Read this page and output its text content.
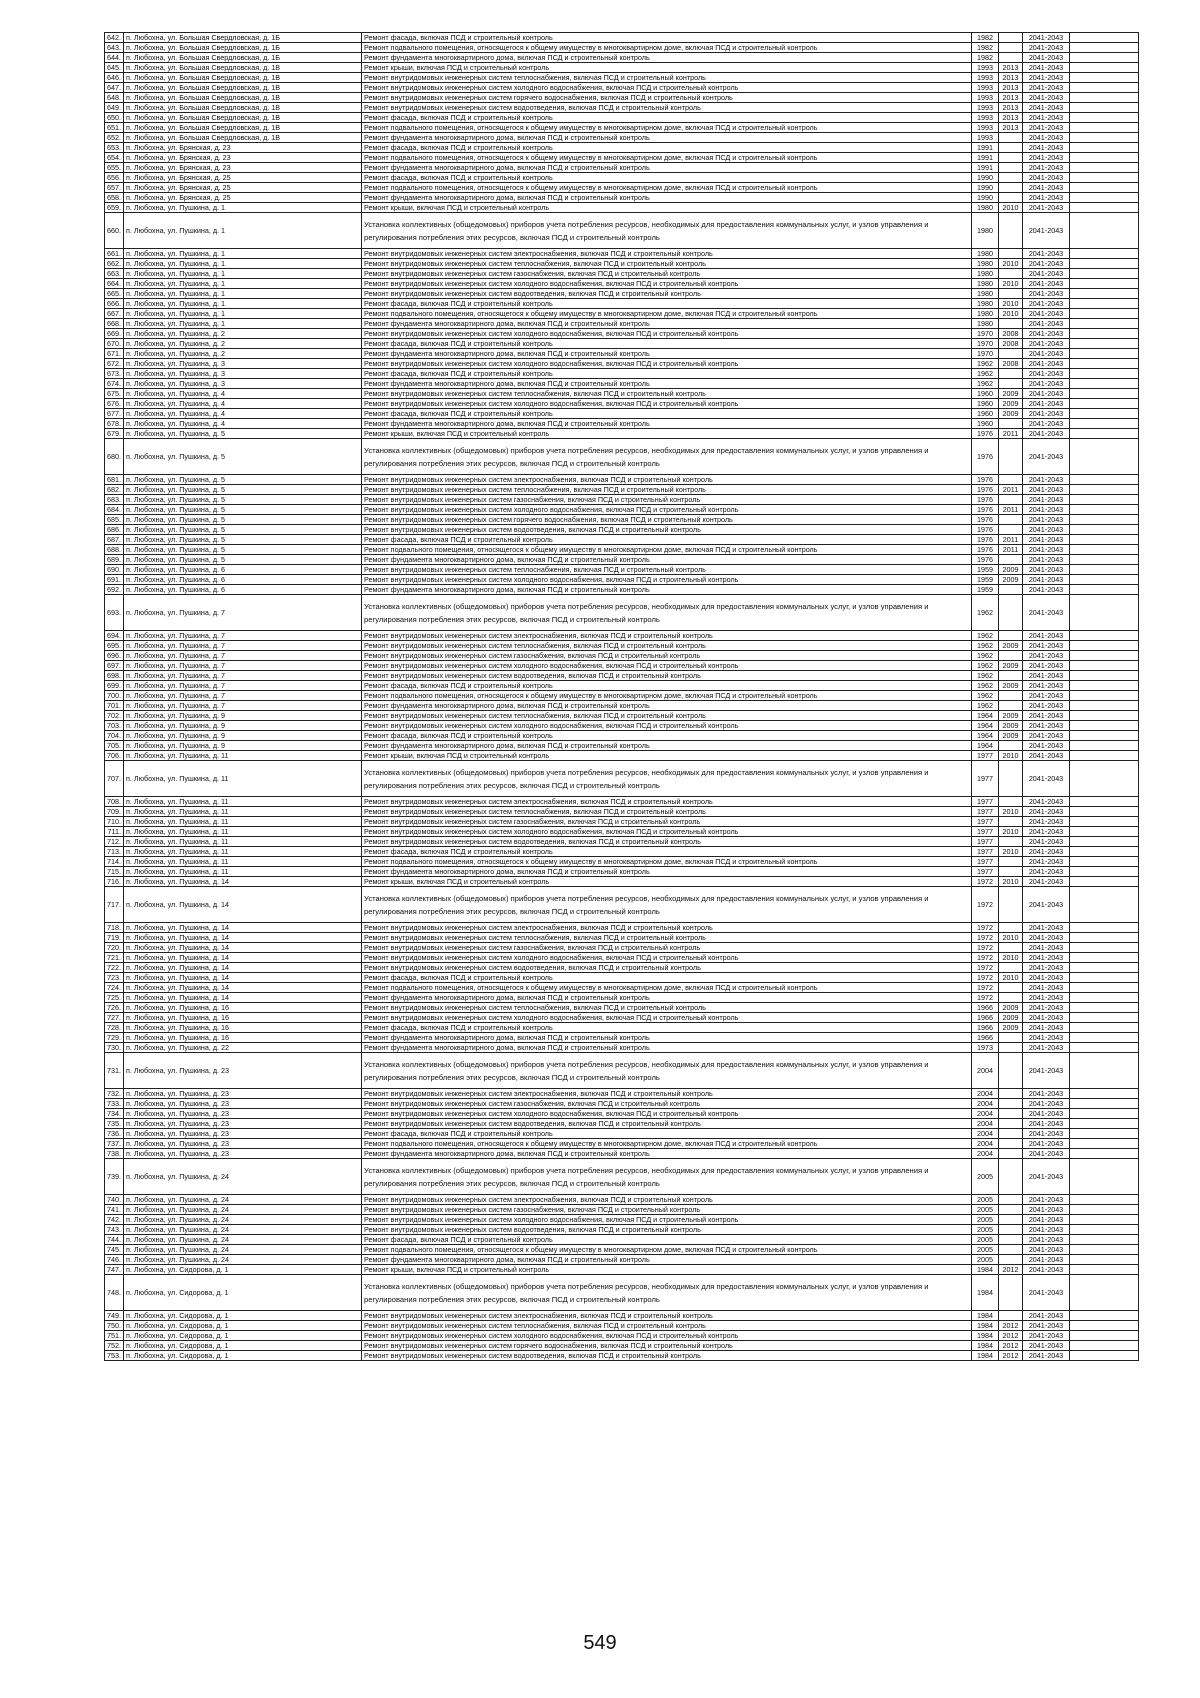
642.	п. Любохна, ул. Большая Свердловская, д. 1Б	Ремонт фасада, включая ПСД и строительный контроль	1982		2041-2043	
643.	п. Любохна, ул. Большая Свердловская, д. 1Б	Ремонт подвального помещения, относящегося к общему имуществу в многоквартирном доме, включая ПСД и строительный контроль	1982		2041-2043	
644.	п. Любохна, ул. Большая Свердловская, д. 1Б	Ремонт фундамента многоквартирного дома, включая ПСД и строительный контроль	1982		2041-2043	
645.	п. Любохна, ул. Большая Свердловская, д. 1В	Ремонт крыши, включая ПСД и строительный контроль	1993	2013	2041-2043	
646.	п. Любохна, ул. Большая Свердловская, д. 1В	Ремонт внутридомовых инженерных систем теплоснабжения, включая ПСД и строительный контроль	1993	2013	2041-2043	
647.	п. Любохна, ул. Большая Свердловская, д. 1В	Ремонт внутридомовых инженерных систем холодного водоснабжения, включая ПСД и строительный контроль	1993	2013	2041-2043	
648.	п. Любохна, ул. Большая Свердловская, д. 1В	Ремонт внутридомовых инженерных систем горячего водоснабжения, включая ПСД и строительный контроль	1993	2013	2041-2043	
649.	п. Любохна, ул. Большая Свердловская, д. 1В	Ремонт внутридомовых инженерных систем водоотведения, включая ПСД и строительный контроль	1993	2013	2041-2043	
650.	п. Любохна, ул. Большая Свердловская, д. 1В	Ремонт фасада, включая ПСД и строительный контроль	1993	2013	2041-2043	
651.	п. Любохна, ул. Большая Свердловская, д. 1В	Ремонт подвального помещения, относящегося к общему имуществу в многоквартирном доме, включая ПСД и строительный контроль	1993	2013	2041-2043	
652.	п. Любохна, ул. Большая Свердловская, д. 1В	Ремонт фундамента многоквартирного дома, включая ПСД и строительный контроль	1993		2041-2043	
653.	п. Любохна, ул. Брянская, д. 23	Ремонт фасада, включая ПСД и строительный контроль	1991		2041-2043	
654.	п. Любохна, ул. Брянская, д. 23	Ремонт подвального помещения, относящегося к общему имуществу в многоквартирном доме, включая ПСД и строительный контроль	1991		2041-2043	
655.	п. Любохна, ул. Брянская, д. 23	Ремонт фундамента многоквартирного дома, включая ПСД и строительный контроль	1991		2041-2043	
656.	п. Любохна, ул. Брянская, д. 25	Ремонт фасада, включая ПСД и строительный контроль	1990		2041-2043	
657.	п. Любохна, ул. Брянская, д. 25	Ремонт подвального помещения, относящегося к общему имуществу в многоквартирном доме, включая ПСД и строительный контроль	1990		2041-2043	
658.	п. Любохна, ул. Брянская, д. 25	Ремонт фундамента многоквартирного дома, включая ПСД и строительный контроль	1990		2041-2043	
659.	п. Любохна, ул. Пушкина, д. 1	Ремонт крыши, включая ПСД и строительный контроль	1980	2010	2041-2043	
660.	п. Любохна, ул. Пушкина, д. 1	Установка коллективных (общедомовых) приборов учета потребления ресурсов, необходимых для предоставления коммунальных услуг, и узлов управления и регулирования потребления этих ресурсов, включая ПСД и строительный контроль	1980		2041-2043	
661.	п. Любохна, ул. Пушкина, д. 1	Ремонт внутридомовых инженерных систем электроснабжения, включая ПСД и строительный контроль	1980		2041-2043	
662.	п. Любохна, ул. Пушкина, д. 1	Ремонт внутридомовых инженерных систем теплоснабжения, включая ПСД и строительный контроль	1980	2010	2041-2043	
663.	п. Любохна, ул. Пушкина, д. 1	Ремонт внутридомовых инженерных систем газоснабжения, включая ПСД и строительный контроль	1980		2041-2043	
664.	п. Любохна, ул. Пушкина, д. 1	Ремонт внутридомовых инженерных систем холодного водоснабжения, включая ПСД и строительный контроль	1980	2010	2041-2043	
665.	п. Любохна, ул. Пушкина, д. 1	Ремонт внутридомовых инженерных систем водоотведения, включая ПСД и строительный контроль	1980		2041-2043	
666.	п. Любохна, ул. Пушкина, д. 1	Ремонт фасада, включая ПСД и строительный контроль	1980	2010	2041-2043	
667.	п. Любохна, ул. Пушкина, д. 1	Ремонт подвального помещения, относящегося к общему имуществу в многоквартирном доме, включая ПСД и строительный контроль	1980	2010	2041-2043	
668.	п. Любохна, ул. Пушкина, д. 1	Ремонт фундамента многоквартирного дома, включая ПСД и строительный контроль	1980		2041-2043	
669.	п. Любохна, ул. Пушкина, д. 2	Ремонт внутридомовых инженерных систем холодного водоснабжения, включая ПСД и строительный контроль	1970	2008	2041-2043	
670.	п. Любохна, ул. Пушкина, д. 2	Ремонт фасада, включая ПСД и строительный контроль	1970	2008	2041-2043	
671.	п. Любохна, ул. Пушкина, д. 2	Ремонт фундамента многоквартирного дома, включая ПСД и строительный контроль	1970		2041-2043	
672.	п. Любохна, ул. Пушкина, д. 3	Ремонт внутридомовых инженерных систем холодного водоснабжения, включая ПСД и строительный контроль	1962	2008	2041-2043	
673.	п. Любохна, ул. Пушкина, д. 3	Ремонт фасада, включая ПСД и строительный контроль	1962		2041-2043	
674.	п. Любохна, ул. Пушкина, д. 3	Ремонт фундамента многоквартирного дома, включая ПСД и строительный контроль	1962		2041-2043	
675.	п. Любохна, ул. Пушкина, д. 4	Ремонт внутридомовых инженерных систем теплоснабжения, включая ПСД и строительный контроль	1960	2009	2041-2043	
676.	п. Любохна, ул. Пушкина, д. 4	Ремонт внутридомовых инженерных систем холодного водоснабжения, включая ПСД и строительный контроль	1960	2009	2041-2043	
677.	п. Любохна, ул. Пушкина, д. 4	Ремонт фасада, включая ПСД и строительный контроль	1960	2009	2041-2043	
678.	п. Любохна, ул. Пушкина, д. 4	Ремонт фундамента многоквартирного дома, включая ПСД и строительный контроль	1960		2041-2043	
679.	п. Любохна, ул. Пушкина, д. 5	Ремонт крыши, включая ПСД и строительный контроль	1976	2011	2041-2043	
680.	п. Любохна, ул. Пушкина, д. 5	Установка коллективных (общедомовых) приборов учета потребления ресурсов, необходимых для предоставления коммунальных услуг, и узлов управления и регулирования потребления этих ресурсов, включая ПСД и строительный контроль	1976		2041-2043	
681.	п. Любохна, ул. Пушкина, д. 5	Ремонт внутридомовых инженерных систем электроснабжения, включая ПСД и строительный контроль	1976		2041-2043	
682.	п. Любохна, ул. Пушкина, д. 5	Ремонт внутридомовых инженерных систем теплоснабжения, включая ПСД и строительный контроль	1976	2011	2041-2043	
683.	п. Любохна, ул. Пушкина, д. 5	Ремонт внутридомовых инженерных систем газоснабжения, включая ПСД и строительный контроль	1976		2041-2043	
684.	п. Любохна, ул. Пушкина, д. 5	Ремонт внутридомовых инженерных систем холодного водоснабжения, включая ПСД и строительный контроль	1976	2011	2041-2043	
685.	п. Любохна, ул. Пушкина, д. 5	Ремонт внутридомовых инженерных систем горячего водоснабжения, включая ПСД и строительный контроль	1976		2041-2043	
686.	п. Любохна, ул. Пушкина, д. 5	Ремонт внутридомовых инженерных систем водоотведения, включая ПСД и строительный контроль	1976		2041-2043	
687.	п. Любохна, ул. Пушкина, д. 5	Ремонт фасада, включая ПСД и строительный контроль	1976	2011	2041-2043	
688.	п. Любохна, ул. Пушкина, д. 5	Ремонт подвального помещения, относящегося к общему имуществу в многоквартирном доме, включая ПСД и строительный контроль	1976	2011	2041-2043	
689.	п. Любохна, ул. Пушкина, д. 5	Ремонт фундамента многоквартирного дома, включая ПСД и строительный контроль	1976		2041-2043	
690.	п. Любохна, ул. Пушкина, д. 6	Ремонт внутридомовых инженерных систем теплоснабжения, включая ПСД и строительный контроль	1959	2009	2041-2043	
691.	п. Любохна, ул. Пушкина, д. 6	Ремонт внутридомовых инженерных систем холодного водоснабжения, включая ПСД и строительный контроль	1959	2009	2041-2043	
692.	п. Любохна, ул. Пушкина, д. 6	Ремонт фундамента многоквартирного дома, включая ПСД и строительный контроль	1959		2041-2043	
693.	п. Любохна, ул. Пушкина, д. 7	Установка коллективных (общедомовых) приборов учета потребления ресурсов, необходимых для предоставления коммунальных услуг, и узлов управления и регулирования потребления этих ресурсов, включая ПСД и строительный контроль	1962		2041-2043	
694.	п. Любохна, ул. Пушкина, д. 7	Ремонт внутридомовых инженерных систем электроснабжения, включая ПСД и строительный контроль	1962		2041-2043	
695.	п. Любохна, ул. Пушкина, д. 7	Ремонт внутридомовых инженерных систем теплоснабжения, включая ПСД и строительный контроль	1962	2009	2041-2043	
696.	п. Любохна, ул. Пушкина, д. 7	Ремонт внутридомовых инженерных систем газоснабжения, включая ПСД и строительный контроль	1962		2041-2043	
697.	п. Любохна, ул. Пушкина, д. 7	Ремонт внутридомовых инженерных систем холодного водоснабжения, включая ПСД и строительный контроль	1962	2009	2041-2043	
698.	п. Любохна, ул. Пушкина, д. 7	Ремонт внутридомовых инженерных систем водоотведения, включая ПСД и строительный контроль	1962		2041-2043	
699.	п. Любохна, ул. Пушкина, д. 7	Ремонт фасада, включая ПСД и строительный контроль	1962	2009	2041-2043	
700.	п. Любохна, ул. Пушкина, д. 7	Ремонт подвального помещения, относящегося к общему имуществу в многоквартирном доме, включая ПСД и строительный контроль	1962		2041-2043	
701.	п. Любохна, ул. Пушкина, д. 7	Ремонт фундамента многоквартирного дома, включая ПСД и строительный контроль	1962		2041-2043	
702.	п. Любохна, ул. Пушкина, д. 9	Ремонт внутридомовых инженерных систем теплоснабжения, включая ПСД и строительный контроль	1964	2009	2041-2043	
703.	п. Любохна, ул. Пушкина, д. 9	Ремонт внутридомовых инженерных систем холодного водоснабжения, включая ПСД и строительный контроль	1964	2009	2041-2043	
704.	п. Любохна, ул. Пушкина, д. 9	Ремонт фасада, включая ПСД и строительный контроль	1964	2009	2041-2043	
705.	п. Любохна, ул. Пушкина, д. 9	Ремонт фундамента многоквартирного дома, включая ПСД и строительный контроль	1964		2041-2043	
706.	п. Любохна, ул. Пушкина, д. 11	Ремонт крыши, включая ПСД и строительный контроль	1977	2010	2041-2043	
707.	п. Любохна, ул. Пушкина, д. 11	Установка коллективных (общедомовых) приборов учета потребления ресурсов, необходимых для предоставления коммунальных услуг, и узлов управления и регулирования потребления этих ресурсов, включая ПСД и строительный контроль	1977		2041-2043	
708.	п. Любохна, ул. Пушкина, д. 11	Ремонт внутридомовых инженерных систем электроснабжения, включая ПСД и строительный контроль	1977		2041-2043	
709.	п. Любохна, ул. Пушкина, д. 11	Ремонт внутридомовых инженерных систем теплоснабжения, включая ПСД и строительный контроль	1977	2010	2041-2043	
710.	п. Любохна, ул. Пушкина, д. 11	Ремонт внутридомовых инженерных систем газоснабжения, включая ПСД и строительный контроль	1977		2041-2043	
711.	п. Любохна, ул. Пушкина, д. 11	Ремонт внутридомовых инженерных систем холодного водоснабжения, включая ПСД и строительный контроль	1977	2010	2041-2043	
712.	п. Любохна, ул. Пушкина, д. 11	Ремонт внутридомовых инженерных систем водоотведения, включая ПСД и строительный контроль	1977		2041-2043	
713.	п. Любохна, ул. Пушкина, д. 11	Ремонт фасада, включая ПСД и строительный контроль	1977	2010	2041-2043	
714.	п. Любохна, ул. Пушкина, д. 11	Ремонт подвального помещения, относящегося к общему имуществу в многоквартирном доме, включая ПСД и строительный контроль	1977		2041-2043	
715.	п. Любохна, ул. Пушкина, д. 11	Ремонт фундамента многоквартирного дома, включая ПСД и строительный контроль	1977		2041-2043	
716.	п. Любохна, ул. Пушкина, д. 14	Ремонт крыши, включая ПСД и строительный контроль	1972	2010	2041-2043	
717.	п. Любохна, ул. Пушкина, д. 14	Установка коллективных (общедомовых) приборов учета потребления ресурсов, необходимых для предоставления коммунальных услуг, и узлов управления и регулирования потребления этих ресурсов, включая ПСД и строительный контроль	1972		2041-2043	
718.	п. Любохна, ул. Пушкина, д. 14	Ремонт внутридомовых инженерных систем электроснабжения, включая ПСД и строительный контроль	1972		2041-2043	
719.	п. Любохна, ул. Пушкина, д. 14	Ремонт внутридомовых инженерных систем теплоснабжения, включая ПСД и строительный контроль	1972	2010	2041-2043	
720.	п. Любохна, ул. Пушкина, д. 14	Ремонт внутридомовых инженерных систем газоснабжения, включая ПСД и строительный контроль	1972		2041-2043	
721.	п. Любохна, ул. Пушкина, д. 14	Ремонт внутридомовых инженерных систем холодного водоснабжения, включая ПСД и строительный контроль	1972	2010	2041-2043	
722.	п. Любохна, ул. Пушкина, д. 14	Ремонт внутридомовых инженерных систем водоотведения, включая ПСД и строительный контроль	1972		2041-2043	
723.	п. Любохна, ул. Пушкина, д. 14	Ремонт фасада, включая ПСД и строительный контроль	1972	2010	2041-2043	
724.	п. Любохна, ул. Пушкина, д. 14	Ремонт подвального помещения, относящегося к общему имуществу в многоквартирном доме, включая ПСД и строительный контроль	1972		2041-2043	
725.	п. Любохна, ул. Пушкина, д. 14	Ремонт фундамента многоквартирного дома, включая ПСД и строительный контроль	1972		2041-2043	
726.	п. Любохна, ул. Пушкина, д. 16	Ремонт внутридомовых инженерных систем теплоснабжения, включая ПСД и строительный контроль	1966	2009	2041-2043	
727.	п. Любохна, ул. Пушкина, д. 16	Ремонт внутридомовых инженерных систем холодного водоснабжения, включая ПСД и строительный контроль	1966	2009	2041-2043	
728.	п. Любохна, ул. Пушкина, д. 16	Ремонт фасада, включая ПСД и строительный контроль	1966	2009	2041-2043	
729.	п. Любохна, ул. Пушкина, д. 16	Ремонт фундамента многоквартирного дома, включая ПСД и строительный контроль	1966		2041-2043	
730.	п. Любохна, ул. Пушкина, д. 22	Ремонт фундамента многоквартирного дома, включая ПСД и строительный контроль	1973		2041-2043	
731.	п. Любохна, ул. Пушкина, д. 23	Установка коллективных (общедомовых) приборов учета потребления ресурсов, необходимых для предоставления коммунальных услуг, и узлов управления и регулирования потребления этих ресурсов, включая ПСД и строительный контроль	2004		2041-2043	
732.	п. Любохна, ул. Пушкина, д. 23	Ремонт внутридомовых инженерных систем электроснабжения, включая ПСД и строительный контроль	2004		2041-2043	
733.	п. Любохна, ул. Пушкина, д. 23	Ремонт внутридомовых инженерных систем газоснабжения, включая ПСД и строительный контроль	2004		2041-2043	
734.	п. Любохна, ул. Пушкина, д. 23	Ремонт внутридомовых инженерных систем холодного водоснабжения, включая ПСД и строительный контроль	2004		2041-2043	
735.	п. Любохна, ул. Пушкина, д. 23	Ремонт внутридомовых инженерных систем водоотведения, включая ПСД и строительный контроль	2004		2041-2043	
736.	п. Любохна, ул. Пушкина, д. 23	Ремонт фасада, включая ПСД и строительный контроль	2004		2041-2043	
737.	п. Любохна, ул. Пушкина, д. 23	Ремонт подвального помещения, относящегося к общему имуществу в многоквартирном доме, включая ПСД и строительный контроль	2004		2041-2043	
738.	п. Любохна, ул. Пушкина, д. 23	Ремонт фундамента многоквартирного дома, включая ПСД и строительный контроль	2004		2041-2043	
739.	п. Любохна, ул. Пушкина, д. 24	Установка коллективных (общедомовых) приборов учета потребления ресурсов, необходимых для предоставления коммунальных услуг, и узлов управления и регулирования потребления этих ресурсов, включая ПСД и строительный контроль	2005		2041-2043	
740.	п. Любохна, ул. Пушкина, д. 24	Ремонт внутридомовых инженерных систем электроснабжения, включая ПСД и строительный контроль	2005		2041-2043	
741.	п. Любохна, ул. Пушкина, д. 24	Ремонт внутридомовых инженерных систем газоснабжения, включая ПСД и строительный контроль	2005		2041-2043	
742.	п. Любохна, ул. Пушкина, д. 24	Ремонт внутридомовых инженерных систем холодного водоснабжения, включая ПСД и строительный контроль	2005		2041-2043	
743.	п. Любохна, ул. Пушкина, д. 24	Ремонт внутридомовых инженерных систем водоотведения, включая ПСД и строительный контроль	2005		2041-2043	
744.	п. Любохна, ул. Пушкина, д. 24	Ремонт фасада, включая ПСД и строительный контроль	2005		2041-2043	
745.	п. Любохна, ул. Пушкина, д. 24	Ремонт подвального помещения, относящегося к общему имуществу в многоквартирном доме, включая ПСД и строительный контроль	2005		2041-2043	
746.	п. Любохна, ул. Пушкина, д. 24	Ремонт фундамента многоквартирного дома, включая ПСД и строительный контроль	2005		2041-2043	
747.	п. Любохна, ул. Сидорова, д. 1	Ремонт крыши, включая ПСД и строительный контроль	1984	2012	2041-2043	
748.	п. Любохна, ул. Сидорова, д. 1	Установка коллективных (общедомовых) приборов учета потребления ресурсов, необходимых для предоставления коммунальных услуг, и узлов управления и регулирования потребления этих ресурсов, включая ПСД и строительный контроль	1984		2041-2043	
749.	п. Любохна, ул. Сидорова, д. 1	Ремонт внутридомовых инженерных систем электроснабжения, включая ПСД и строительный контроль	1984		2041-2043	
750.	п. Любохна, ул. Сидорова, д. 1	Ремонт внутридомовых инженерных систем теплоснабжения, включая ПСД и строительный контроль	1984	2012	2041-2043	
751.	п. Любохна, ул. Сидорова, д. 1	Ремонт внутридомовых инженерных систем холодного водоснабжения, включая ПСД и строительный контроль	1984	2012	2041-2043	
752.	п. Любохна, ул. Сидорова, д. 1	Ремонт внутридомовых инженерных систем горячего водоснабжения, включая ПСД и строительный контроль	1984	2012	2041-2043	
753.	п. Любохна, ул. Сидорова, д. 1	Ремонт внутридомовых инженерных систем водоотведения, включая ПСД и строительный контроль	1984	2012	2041-2043	
549
